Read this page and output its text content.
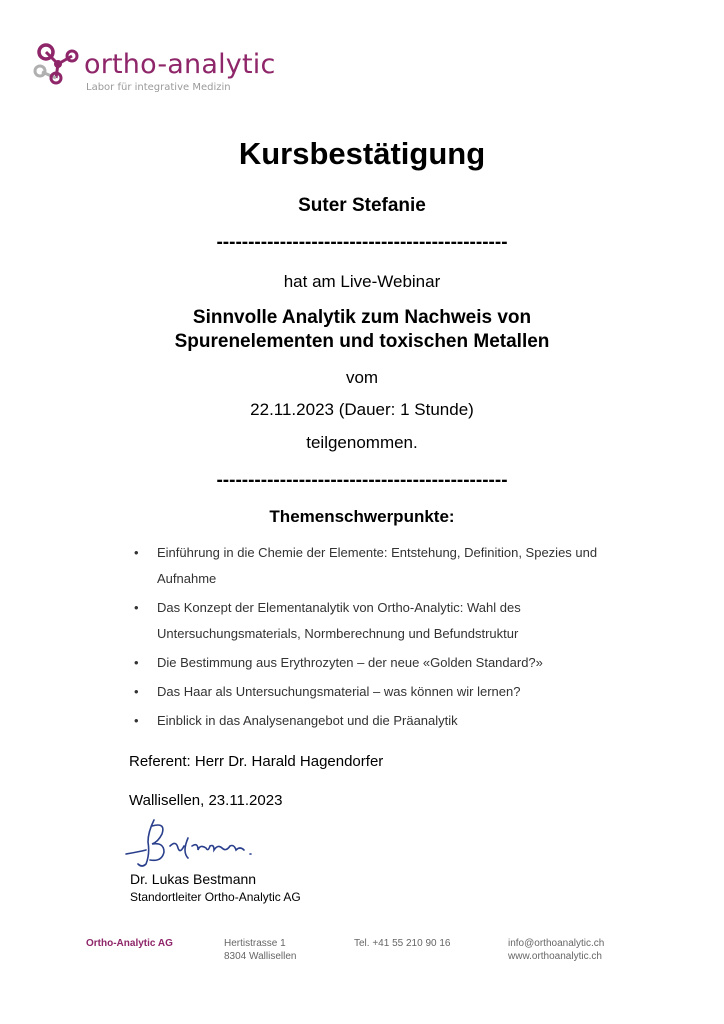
ortho-analytic
Labor für integrative Medizin
Kursbestätigung
Suter Stefanie
----------------------------------------------
hat am Live-Webinar
Sinnvolle Analytik zum Nachweis von
Spurenelementen und toxischen Metallen
vom
22.11.2023 (Dauer: 1 Stunde)
teilgenommen.
----------------------------------------------
Themenschwerpunkte:
• Einführung in die Chemie der Elemente: Entstehung, Definition, Spezies und Aufnahme
• Das Konzept der Elementanalytik von Ortho-Analytic: Wahl des Untersuchungsmaterials, Normberechnung und Befundstruktur
• Die Bestimmung aus Erythrozyten – der neue «Golden Standard?»
• Das Haar als Untersuchungsmaterial – was können wir lernen?
• Einblick in das Analysenangebot und die Präanalytik
Referent: Herr Dr. Harald Hagendorfer
Wallisellen, 23.11.2023
Dr. Lukas Bestmann
Standortleiter Ortho-Analytic AG
Ortho-Analytic AG	Hertistrasse 1
8304 Wallisellen
Tel. +41 55 210 90 16	info@orthoanalytic.ch
www.orthoanalytic.ch
